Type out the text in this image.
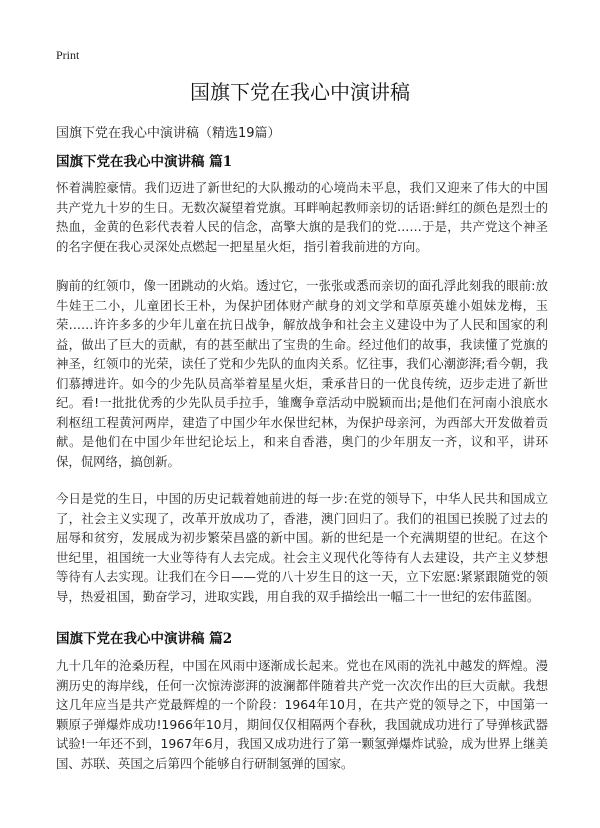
Print
国旗下党在我心中演讲稿
国旗下党在我心中演讲稿（精选19篇）
国旗下党在我心中演讲稿 篇1

怀着满腔豪情。我们迈进了新世纪的大队搬动的心境尚未平息，我们又迎来了伟大的中国共产党九十岁的生日。无数次凝望着党旗。耳畔响起教师亲切的话语:鲜红的颜色是烈士的热血，金黄的色彩代表着人民的信念，高擎大旗的是我们的党……于是，共产党这个神圣的名字便在我心灵深处点燃起一把星星火炬，指引着我前进的方向。

胸前的红领巾，像一团跳动的火焰。透过它，一张张或悉而亲切的面孔浮此刻我的眼前:放牛娃王二小，儿童团长王朴，为保护团体财产献身的刘文学和草原英雄小姐妹龙梅，玉荣……许许多多的少年儿童在抗日战争，解放战争和社会主义建设中为了人民和国家的利益，做出了巨大的贡献，有的甚至献出了宝贵的生命。经过他们的故事，我读懂了党旗的神圣，红领巾的光荣，读任了党和少先队的血肉关系。忆往事，我们心潮澎湃;看今朝，我们慕搏进许。如今的少先队员高举着星星火炬，秉承昔日的一优良传统，迈步走进了新世纪。看!一批批优秀的少先队员手拉手，雏鹰争章活动中脱颖而出;是他们在河南小浪底水利枢纽工程黄河两岸，建造了中国少年水保世纪林，为保护母亲河，为西部大开发做着贡献。是他们在中国少年世纪论坛上，和来自香港，奥门的少年朋友一齐，议和平，讲环保，侃网络，搞创新。

今日是党的生日，中国的历史记载着她前进的每一步:在党的领导下，中华人民共和国成立了，社会主义实现了，改革开放成功了，香港，澳门回归了。我们的祖国已挨脱了过去的屈辱和贫穷，发展成为初步繁荣昌盛的新中国。新的世纪是一个充满期望的世纪。在这个世纪里，祖国统一大业等待有人去完成。社会主义现代化等待有人去建设，共产主义梦想等待有人去实现。让我们在今日——党的八十岁生日的这一天，立下宏愿:紧紧跟随党的领导，热爱祖国，勤奋学习，进取实践，用自我的双手描绘出一幅二十一世纪的宏伟蓝图。

国旗下党在我心中演讲稿 篇2

九十几年的沧桑历程，中国在风雨中逐渐成长起来。党也在风雨的洗礼中越发的辉煌。漫溯历史的海岸线，任何一次惊涛澎湃的波澜都伴随着共产党一次次作出的巨大贡献。我想这几年应当是共产党最辉煌的一个阶段：1964年10月，在共产党的领导之下，中国第一颗原子弹爆炸成功!1966年10月，期间仅仅相隔两个春秋，我国就成功进行了导弹核武器试验!一年还不到，1967年6月，我国又成功进行了第一颗氢弹爆炸试验，成为世界上继美国、苏联、英国之后第四个能够自行研制氢弹的国家。
